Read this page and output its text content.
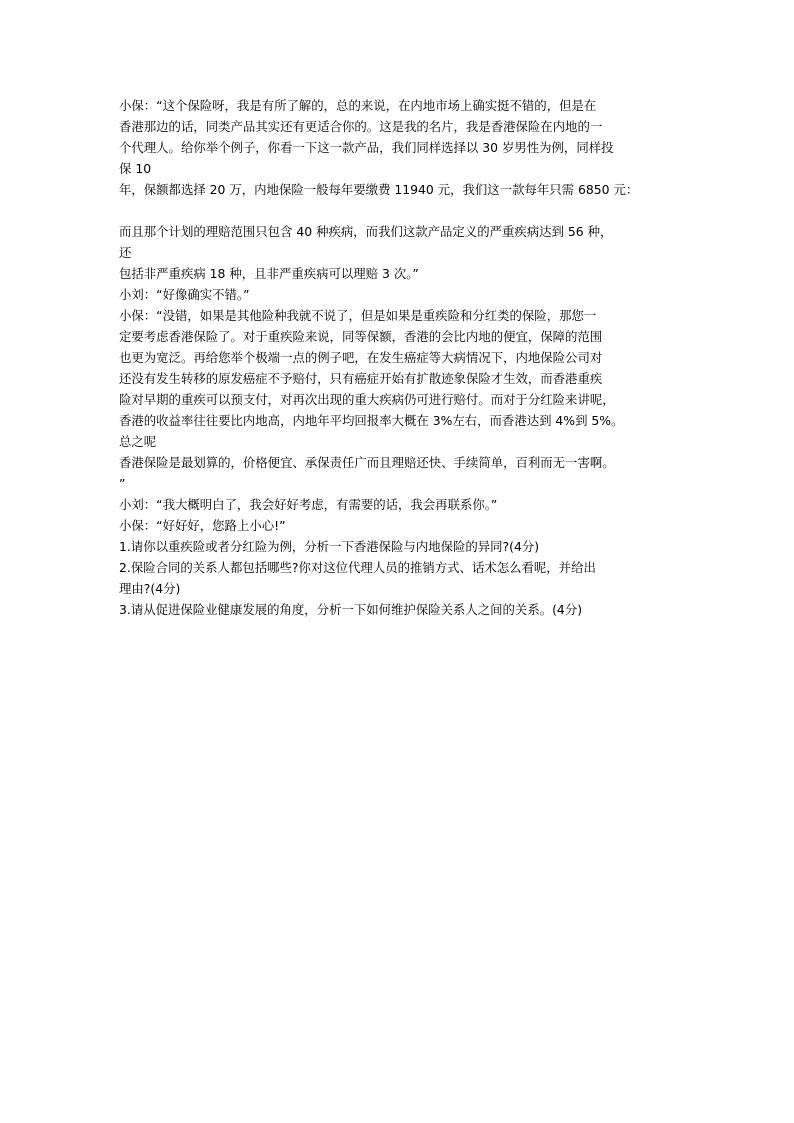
小保：“这个保险呀，我是有所了解的，总的来说，在内地市场上确实挺不错的，但是在
香港那边的话，同类产品其实还有更适合你的。这是我的名片，我是香港保险在内地的一
个代理人。给你举个例子，你看一下这一款产品，我们同样选择以 30 岁男性为例，同样投
保 10
年，保额都选择 20 万，内地保险一般每年要缴费 11940 元，我们这一款每年只需 6850 元：
而且那个计划的理赔范围只包含 40 种疾病，而我们这款产品定义的严重疾病达到 56 种，
还
包括非严重疾病 18 种，且非严重疾病可以理赔 3 次。”
小刘：“好像确实不错。”
小保：“没错，如果是其他险种我就不说了，但是如果是重疾险和分红类的保险，那您一
定要考虑香港保险了。对于重疾险来说，同等保额，香港的会比内地的便宜，保障的范围
也更为宽泛。再给您举个极端一点的例子吧，在发生癌症等大病情况下，内地保险公司对
还没有发生转移的原发癌症不予赔付，只有癌症开始有扩散迹象保险才生效，而香港重疾
险对早期的重疾可以预支付，对再次出现的重大疾病仍可进行赔付。而对于分红险来讲呢，
香港的收益率往往要比内地高，内地年平均回报率大概在 3%左右，而香港达到 4%到 5%。
总之呢
香港保险是最划算的，价格便宜、承保责任广而且理赔还快、手续简单，百利而无一害啊。
”
小刘：“我大概明白了，我会好好考虑，有需要的话，我会再联系你。”
小保：“好好好，您路上小心!”
1.请你以重疾险或者分红险为例，分析一下香港保险与内地保险的异同?(4分)
2.保险合同的关系人都包括哪些?你对这位代理人员的推销方式、话术怎么看呢，并给出
理由?(4分)
3.请从促进保险业健康发展的角度，分析一下如何维护保险关系人之间的关系。(4分)
